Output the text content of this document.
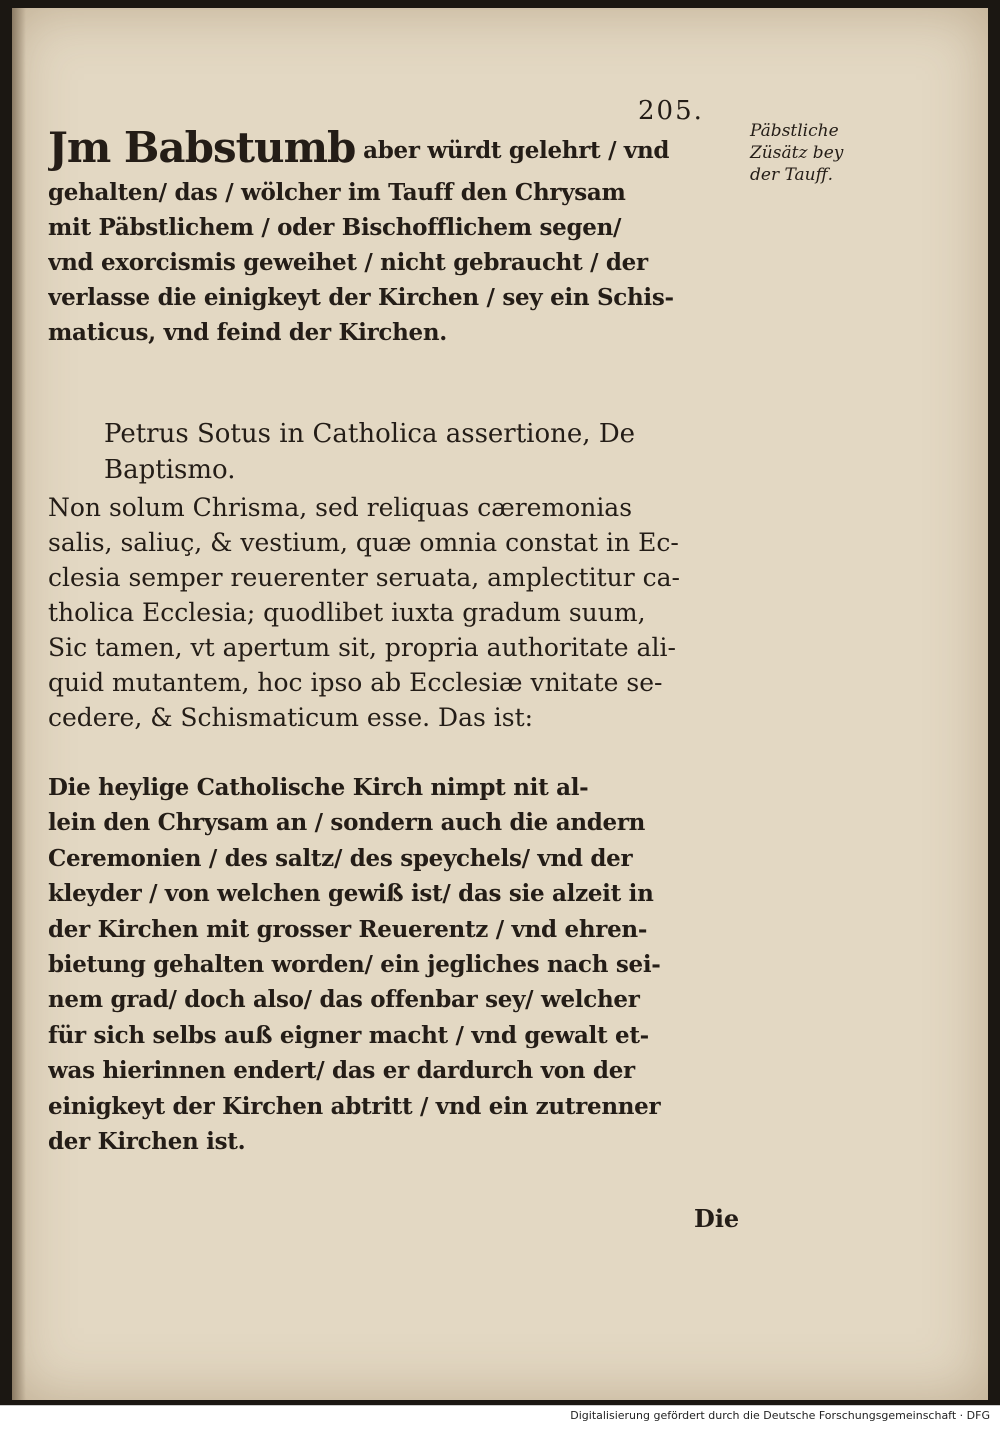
205.
Päbstliche
Züsätz bey
der Tauff.
Jm Babstumb aber würdt gelehrt / vnd
gehalten/ das / wölcher im Tauff den Chrysam
mit Päbstlichem / oder Bischofflichem segen/
vnd exorcismis geweihet / nicht gebraucht / der
verlasse die einigkeyt der Kirchen / sey ein Schis-
maticus, vnd feind der Kirchen.
Petrus Sotus in Catholica assertione, De
Baptismo.
Non solum Chrisma, sed reliquas cæremonias
salis, saliuç, & vestium, quæ omnia constat in Ec-
clesia semper reuerenter seruata, amplectitur ca-
tholica Ecclesia; quodlibet iuxta gradum suum,
Sic tamen, vt apertum sit, propria authoritate ali-
quid mutantem, hoc ipso ab Ecclesiæ vnitate se-
cedere, & Schismaticum esse. Das ist:
Die heylige Catholische Kirch nimpt nit al-
lein den Chrysam an / sondern auch die andern
Ceremonien / des saltz/ des speychels/ vnd der
kleyder / von welchen gewiß ist/ das sie alzeit in
der Kirchen mit grosser Reuerentz / vnd ehren-
bietung gehalten worden/ ein jegliches nach sei-
nem grad/ doch also/ das offenbar sey/ welcher
für sich selbs auß eigner macht / vnd gewalt et-
was hierinnen endert/ das er dardurch von der
einigkeyt der Kirchen abtritt / vnd ein zutrenner
der Kirchen ist.
Die
Digitalisierung gefördert durch die Deutsche Forschungsgemeinschaft · DFG
